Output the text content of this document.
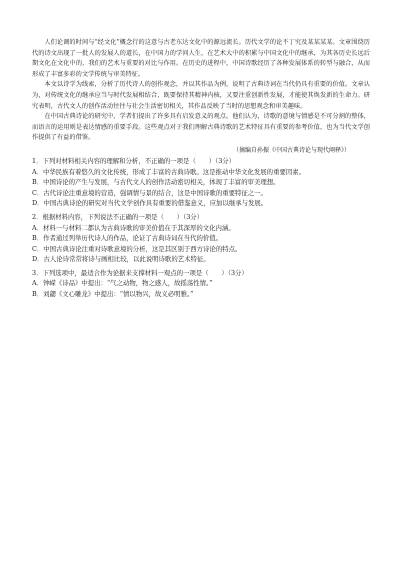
人们论调的时间与“经文化”概念行的这意与古老东达文化中的源远流长。历代文学的论不丁究及某某某某。文章围绕历代的诗文出现了一批人的发展人的道长，在中国力的学问人生，在艺术大中的积累与中国文化中的继承，为其各历史长远后期文化在文化中的，我们的艺术与重要的对比与作用。在历史的进程中，中国诗歌经历了各种发展体系的转型与融合，从而形成了丰富多彩的文学传统与审美特征。

本文以诗学为线索，分析了历代诗人的创作观念，并以其作品为例，说明了古典诗词在当代仍具有重要的价值。文章认为，对传统文化的继承应当与时代发展相结合，既要保持其精神内核，又要注重创新性发展，才能使其焕发新的生命力。研究表明，古代文人的创作活动往往与社会生活密切相关，其作品反映了当时的思想观念和审美趣味。

在中国古典诗论的研究中，学者们提出了许多具有启发意义的观点。他们认为，诗歌的意境与情感是不可分割的整体，而语言的运用则是表达情感的重要手段。这些观点对于我们理解古典诗歌的艺术特征具有重要的参考价值，也为当代文学创作提供了有益的借鉴。

（摘编自孙振《中国古典诗论与现代阐释》）

1．下列对材料相关内容的理解和分析，不正确的一项是（　　）（3分）

A．中华民族有着悠久的文化传统，形成了丰富的古典诗歌。这是推动中华文化发展的重要因素。

B．中国诗论的产生与发展，与古代文人的创作活动密切相关，体现了丰富的审美理想。

C．古代诗论注重意境的营造，强调情与景的结合，这是中国诗歌的重要特征之一。

D．中国古典诗论的研究对当代文学创作具有重要的借鉴意义，应加以继承与发展。

2．根据材料内容，下列说法不正确的一项是（　　）（3分）

A．材料一与材料二都认为古典诗歌的审美价值在于其深厚的文化内涵。

B．作者通过列举历代诗人的作品，论证了古典诗词在当代的价值。

C．中国古典诗论注重对诗歌意境的分析，这是其区别于西方诗论的特点。

D．古人论诗常常将诗与画相比较，以此说明诗歌的艺术特征。

3．下列选项中，最适合作为论据来支撑材料一观点的一项是（　　）（3分）

A．钟嵘《诗品》中提出：“气之动物，物之感人，故摇荡性情。”

B．刘勰《文心雕龙》中提出：“情以物兴，故义必明雅。”
